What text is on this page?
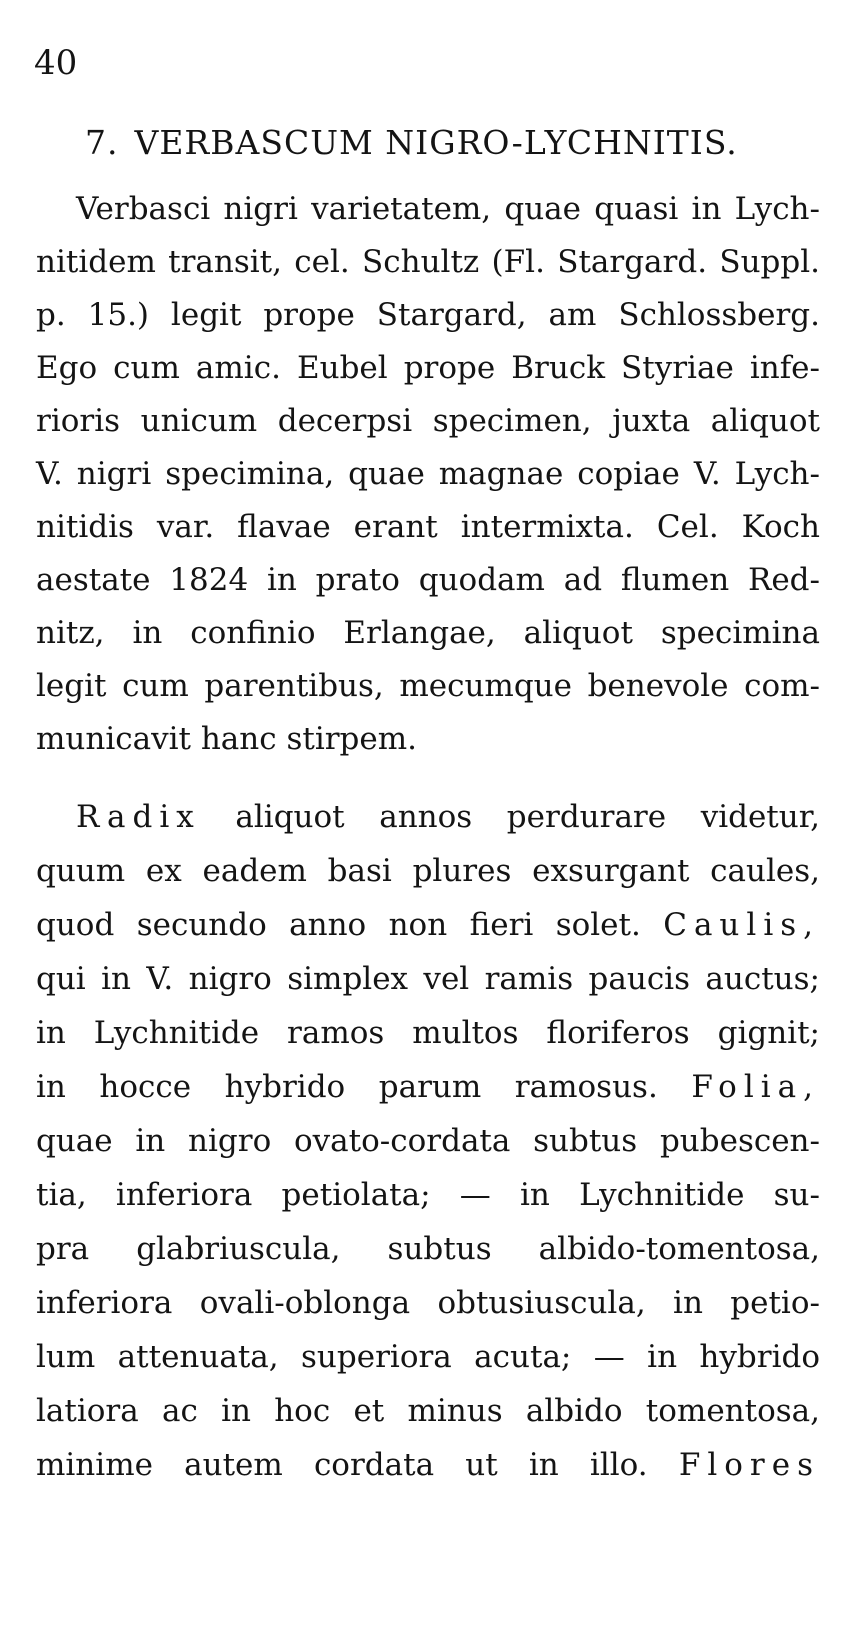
40
7. VERBASCUM NIGRO-LYCHNITIS.
Verbasci nigri varietatem, quae quasi in Lych-
nitidem transit, cel. Schultz (Fl. Stargard. Suppl.
p. 15.) legit prope Stargard, am Schlossberg.
Ego cum amic. Eubel prope Bruck Styriae infe-
rioris unicum decerpsi specimen, juxta aliquot
V. nigri specimina, quae magnae copiae V. Lych-
nitidis var. flavae erant intermixta. Cel. Koch
aestate 1824 in prato quodam ad flumen Red-
nitz, in confinio Erlangae, aliquot specimina
legit cum parentibus, mecumque benevole com-
municavit hanc stirpem.
Radix aliquot annos perdurare videtur,
quum ex eadem basi plures exsurgant caules,
quod secundo anno non fieri solet. Caulis,
qui in V. nigro simplex vel ramis paucis auctus;
in Lychnitide ramos multos floriferos gignit;
in hocce hybrido parum ramosus. Folia,
quae in nigro ovato-cordata subtus pubescen-
tia, inferiora petiolata; — in Lychnitide su-
pra glabriuscula, subtus albido-tomentosa,
inferiora ovali-oblonga obtusiuscula, in petio-
lum attenuata, superiora acuta; — in hybrido
latiora ac in hoc et minus albido tomentosa,
minime autem cordata ut in illo. Flores
